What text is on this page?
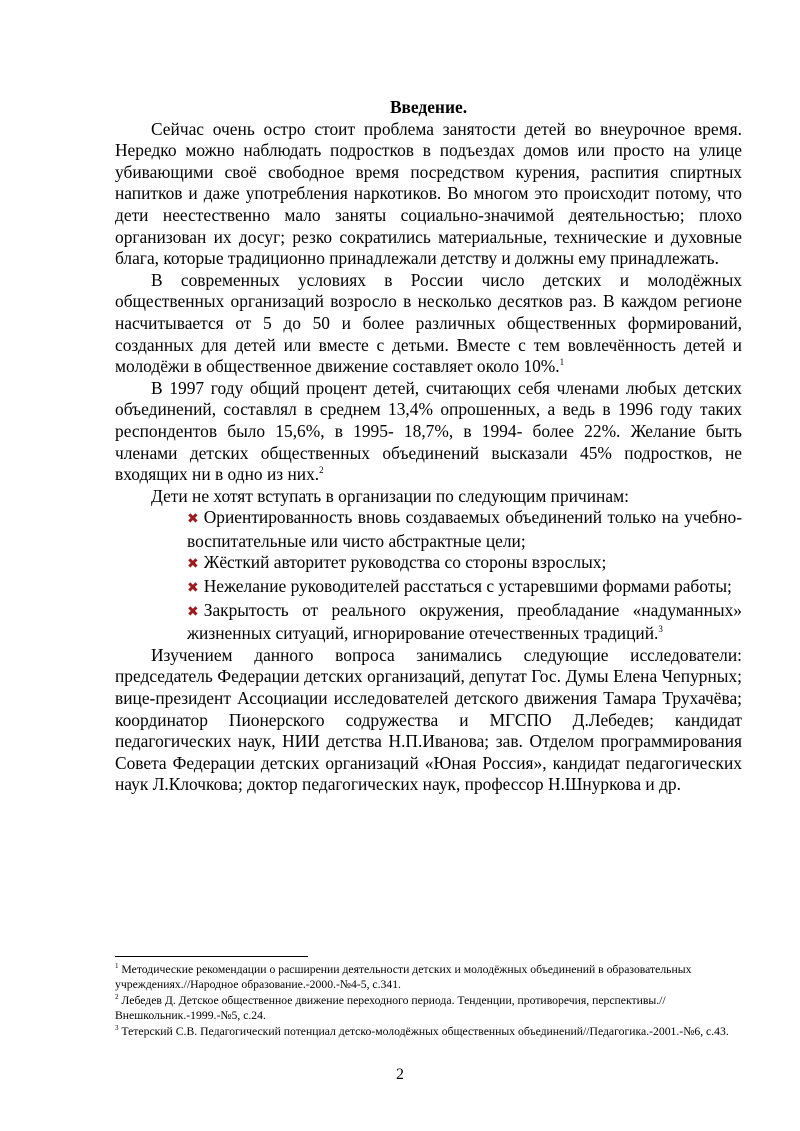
Введение.

Сейчас очень остро стоит проблема занятости детей во внеурочное время. Нередко можно наблюдать подростков в подъездах домов или просто на улице убивающими своё свободное время посредством курения, распития спиртных напитков и даже употребления наркотиков. Во многом это происходит потому, что дети неестественно мало заняты социально-значимой деятельностью; плохо организован их досуг; резко сократились материальные, технические и духовные блага, которые традиционно принадлежали детству и должны ему принадлежать.

В современных условиях в России число детских и молодёжных общественных организаций возросло в несколько десятков раз. В каждом регионе насчитывается от 5 до 50 и более различных общественных формирований, созданных для детей или вместе с детьми. Вместе с тем вовлечённость детей и молодёжи в общественное движение составляет около 10%.$^1$

В 1997 году общий процент детей, считающих себя членами любых детских объединений, составлял в среднем 13,4% опрошенных, а ведь в 1996 году таких респондентов было 15,6%, в 1995- 18,7%, в 1994- более 22%. Желание быть членами детских общественных объединений высказали 45% подростков, не входящих ни в одно из них.$^2$

Дети не хотят вступать в организации по следующим причинам:

✖ Ориентированность вновь создаваемых объединений только на учебно-воспитательные или чисто абстрактные цели;
✖ Жёсткий авторитет руководства со стороны взрослых;
✖ Нежелание руководителей расстаться с устаревшими формами работы;
✖ Закрытость от реального окружения, преобладание «надуманных» жизненных ситуаций, игнорирование отечественных традиций.$^3$

Изучением данного вопроса занимались следующие исследователи: председатель Федерации детских организаций, депутат Гос. Думы Елена Чепурных; вице-президент Ассоциации исследователей детского движения Тамара Трухачёва; координатор Пионерского содружества и МГСПО Д.Лебедев; кандидат педагогических наук, НИИ детства Н.П.Иванова; зав. Отделом программирования Совета Федерации детских организаций «Юная Россия», кандидат педагогических наук Л.Клочкова; доктор педагогических наук, профессор Н.Шнуркова и др.

$^1$ Методические рекомендации о расширении деятельности детских и молодёжных объединений в образовательных учреждениях.//Народное образование.-2000.-№4-5, с.341.

$^2$ Лебедев Д. Детское общественное движение переходного периода. Тенденции, противоречия, перспективы.//Внешкольник.-1999.-№5, с.24.

$^3$ Тетерский С.В. Педагогический потенциал детско-молодёжных общественных объединений//Педагогика.-2001.-№6, с.43.

2
